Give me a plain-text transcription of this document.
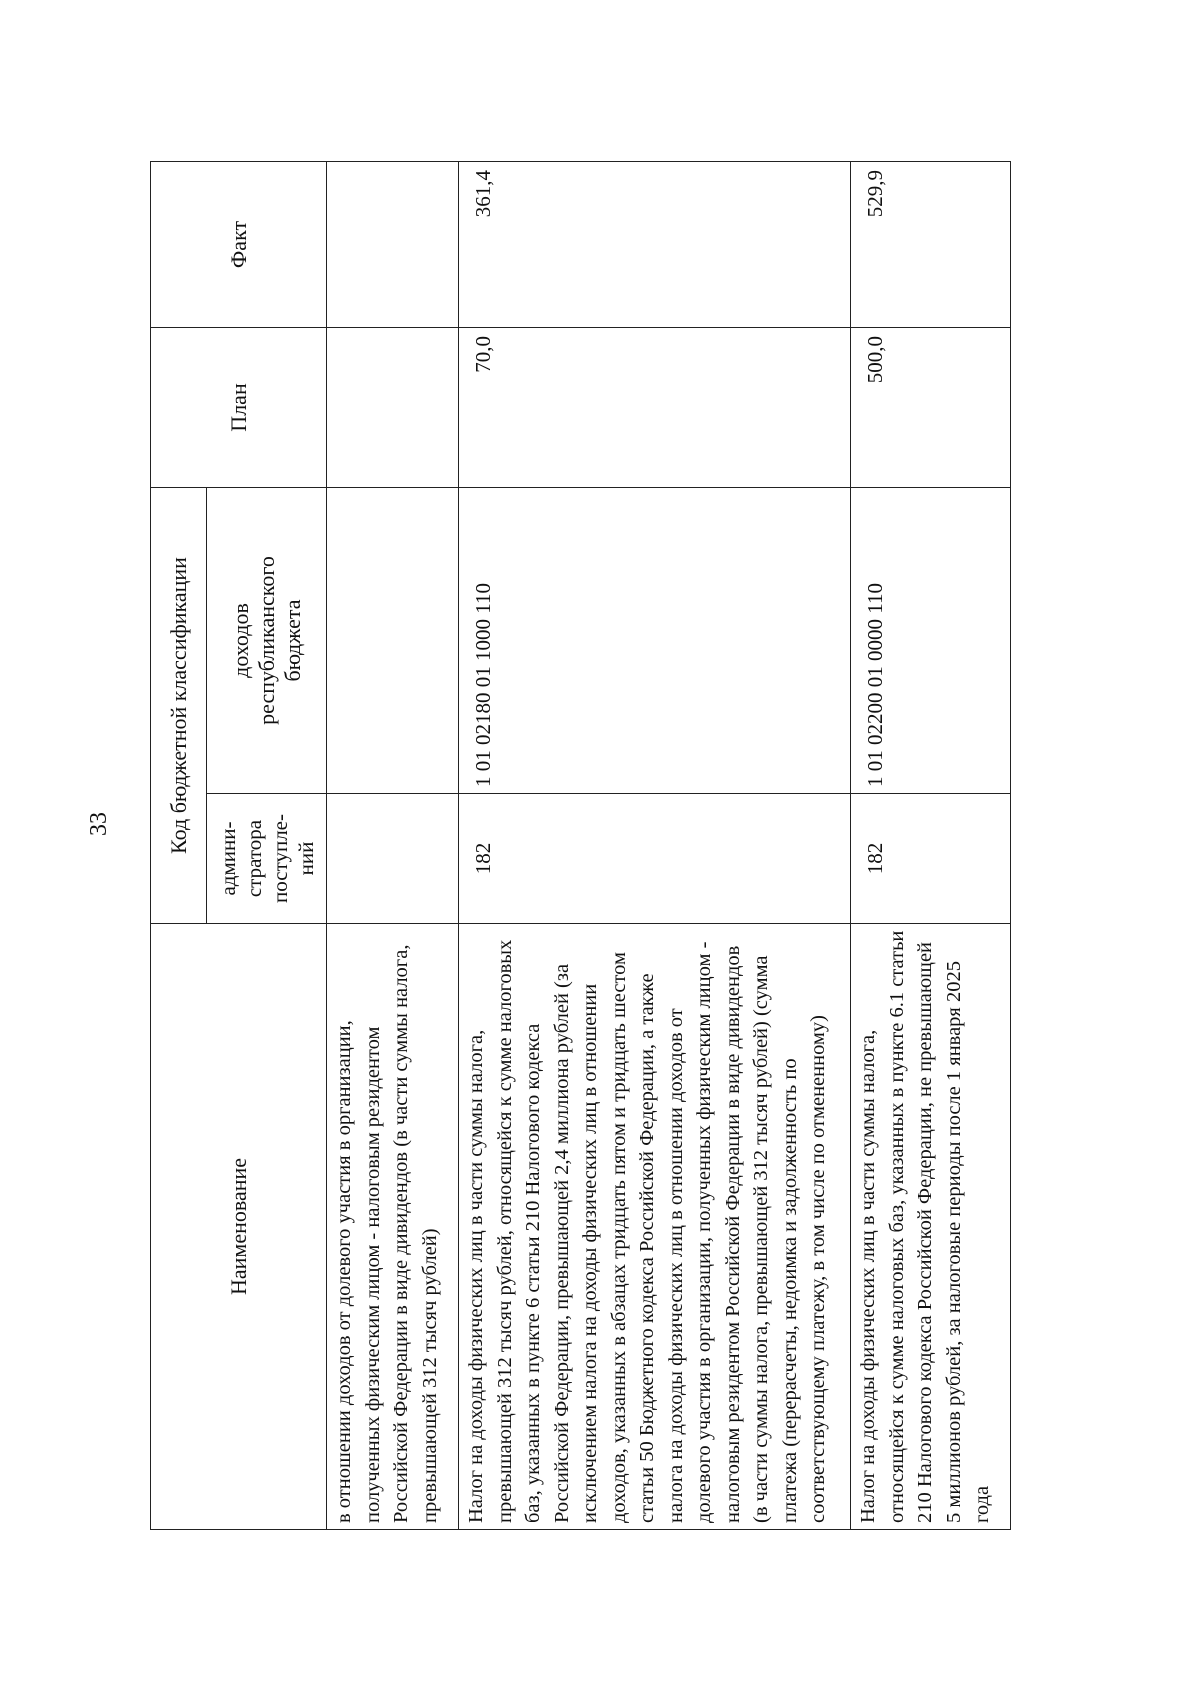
33
Наименование	Код бюджетной классификации		План	Факт
	админи-стратора поступле-ний	доходов республиканского бюджета		
в отношении доходов от долевого участия в организации, полученных физическим лицом - налоговым резидентом Российской Федерации в виде дивидендов (в части суммы налога, превышающей 312 тысяч рублей)				
Налог на доходы физических лиц в части суммы налога, превышающей 312 тысяч рублей, относящейся к сумме налоговых баз, указанных в пункте 6 статьи 210 Налогового кодекса Российской Федерации, превышающей 2,4 миллиона рублей (за исключением налога на доходы физических лиц в отношении доходов, указанных в абзацах тридцать пятом и тридцать шестом статьи 50 Бюджетного кодекса Российской Федерации, а также налога на доходы физических лиц в отношении доходов от долевого участия в организации, полученных физическим лицом - налоговым резидентом Российской Федерации в виде дивидендов (в части суммы налога, превышающей 312 тысяч рублей) (сумма платежа (перерасчеты, недоимка и задолженность по соответствующему платежу, в том числе по отмененному)	182	1 01 02180 01 1000 110	70,0	361,4
Налог на доходы физических лиц в части суммы налога, относящейся к сумме налоговых баз, указанных в пункте 6.1 статьи 210 Налогового кодекса Российской Федерации, не превышающей 5 миллионов рублей, за налоговые периоды после 1 января 2025 года	182	1 01 02200 01 0000 110	500,0	529,9
